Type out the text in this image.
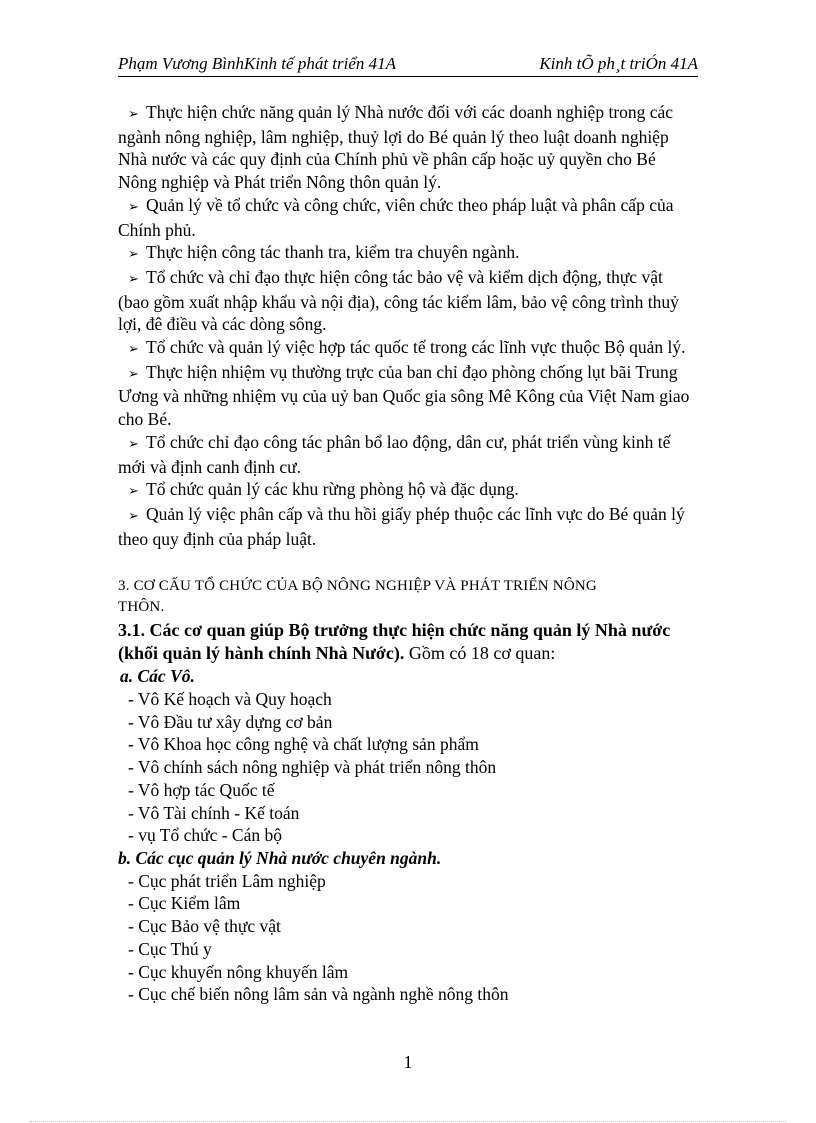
Phạm Vương BìnhKinh tế phát triển 41A	Kinh tÕ ph¸t triÓn 41A

➢ Thực hiện chức năng quản lý Nhà nước đối với các doanh nghiệp trong các ngành nông nghiệp, lâm nghiệp, thuỷ lợi do Bé quản lý theo luật doanh nghiệp Nhà nước và các quy định của Chính phủ về phân cấp hoặc uỷ quyền cho Bé Nông nghiệp và Phát triển Nông thôn quản lý.

➢ Quản lý về tổ chức và công chức, viên chức theo pháp luật và phân cấp của Chính phủ.

➢ Thực hiện công tác thanh tra, kiểm tra chuyên ngành.

➢ Tổ chức và chỉ đạo thực hiện công tác bảo vệ và kiểm dịch động, thực vật (bao gồm xuất nhập khẩu và nội địa), công tác kiểm lâm, bảo vệ công trình thuỷ lợi, đê điều và các dòng sông.

➢ Tổ chức và quản lý việc hợp tác quốc tế trong các lĩnh vực thuộc Bộ quản lý.

➢ Thực hiện nhiệm vụ thường trực của ban chỉ đạo phòng chống lụt bãi Trung Ương và những nhiệm vụ của uỷ ban Quốc gia sông Mê Kông của Việt Nam giao cho Bé.

➢ Tổ chức chỉ đạo công tác phân bổ lao động, dân cư, phát triển vùng kinh tế mới và định canh định cư.

➢ Tổ chức quản lý các khu rừng phòng hộ và đặc dụng.

➢ Quản lý việc phân cấp và thu hồi giấy phép thuộc các lĩnh vực do Bé quản lý theo quy định của pháp luật.

3. CƠ CẤU TỔ CHỨC CỦA BỘ NÔNG NGHIỆP VÀ PHÁT TRIỂN NÔNG
THÔN.
3.1. Các cơ quan giúp Bộ trưởng thực hiện chức năng quản lý Nhà nước (khối quản lý hành chính Nhà Nước). Gồm có 18 cơ quan:
a. Các Vô.
- Vô Kế hoạch và Quy hoạch
- Vô Đầu tư xây dựng cơ bản
- Vô Khoa học công nghệ và chất lượng sản phẩm
- Vô chính sách nông nghiệp và phát triển nông thôn
- Vô hợp tác Quốc tế
- Vô Tài chính - Kế toán
- vụ Tổ chức - Cán bộ
b. Các cục quản lý Nhà nước chuyên ngành.
- Cục phát triển Lâm nghiệp
- Cục Kiểm lâm
- Cục Bảo vệ thực vật
- Cục Thú y
- Cục khuyến nông khuyến lâm
- Cục chế biến nông lâm sản và ngành nghề nông thôn
1
